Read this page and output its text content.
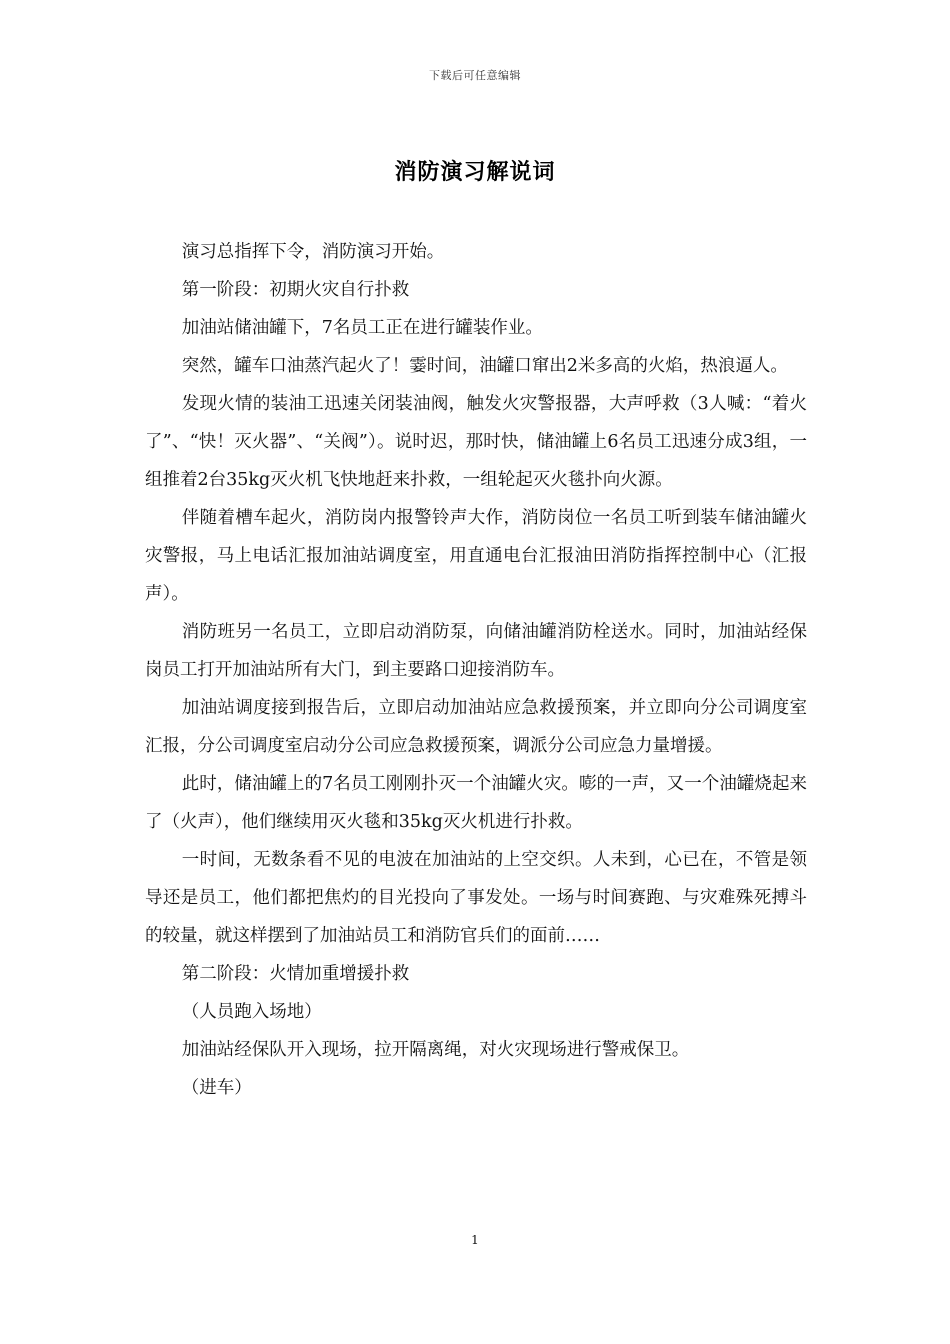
下载后可任意编辑
消防演习解说词

演习总指挥下令，消防演习开始。

第一阶段：初期火灾自行扑救

加油站储油罐下，7名员工正在进行罐装作业。

突然，罐车口油蒸汽起火了！霎时间，油罐口窜出2米多高的火焰，热浪逼人。

发现火情的装油工迅速关闭装油阀，触发火灾警报器，大声呼救（3人喊：“着火了”、“快！灭火器”、“关阀”）。说时迟，那时快，储油罐上6名员工迅速分成3组，一组推着2台35kg灭火机飞快地赶来扑救，一组轮起灭火毯扑向火源。

伴随着槽车起火，消防岗内报警铃声大作，消防岗位一名员工听到装车储油罐火灾警报，马上电话汇报加油站调度室，用直通电台汇报油田消防指挥控制中心（汇报声）。

消防班另一名员工，立即启动消防泵，向储油罐消防栓送水。同时，加油站经保岗员工打开加油站所有大门，到主要路口迎接消防车。

加油站调度接到报告后，立即启动加油站应急救援预案，并立即向分公司调度室汇报，分公司调度室启动分公司应急救援预案，调派分公司应急力量增援。

此时，储油罐上的7名员工刚刚扑灭一个油罐火灾。嘭的一声，又一个油罐烧起来了（火声），他们继续用灭火毯和35kg灭火机进行扑救。

一时间，无数条看不见的电波在加油站的上空交织。人未到，心已在，不管是领导还是员工，他们都把焦灼的目光投向了事发处。一场与时间赛跑、与灾难殊死搏斗的较量，就这样摆到了加油站员工和消防官兵们的面前……

第二阶段：火情加重增援扑救

（人员跑入场地）

加油站经保队开入现场，拉开隔离绳，对火灾现场进行警戒保卫。

（进车）

1
